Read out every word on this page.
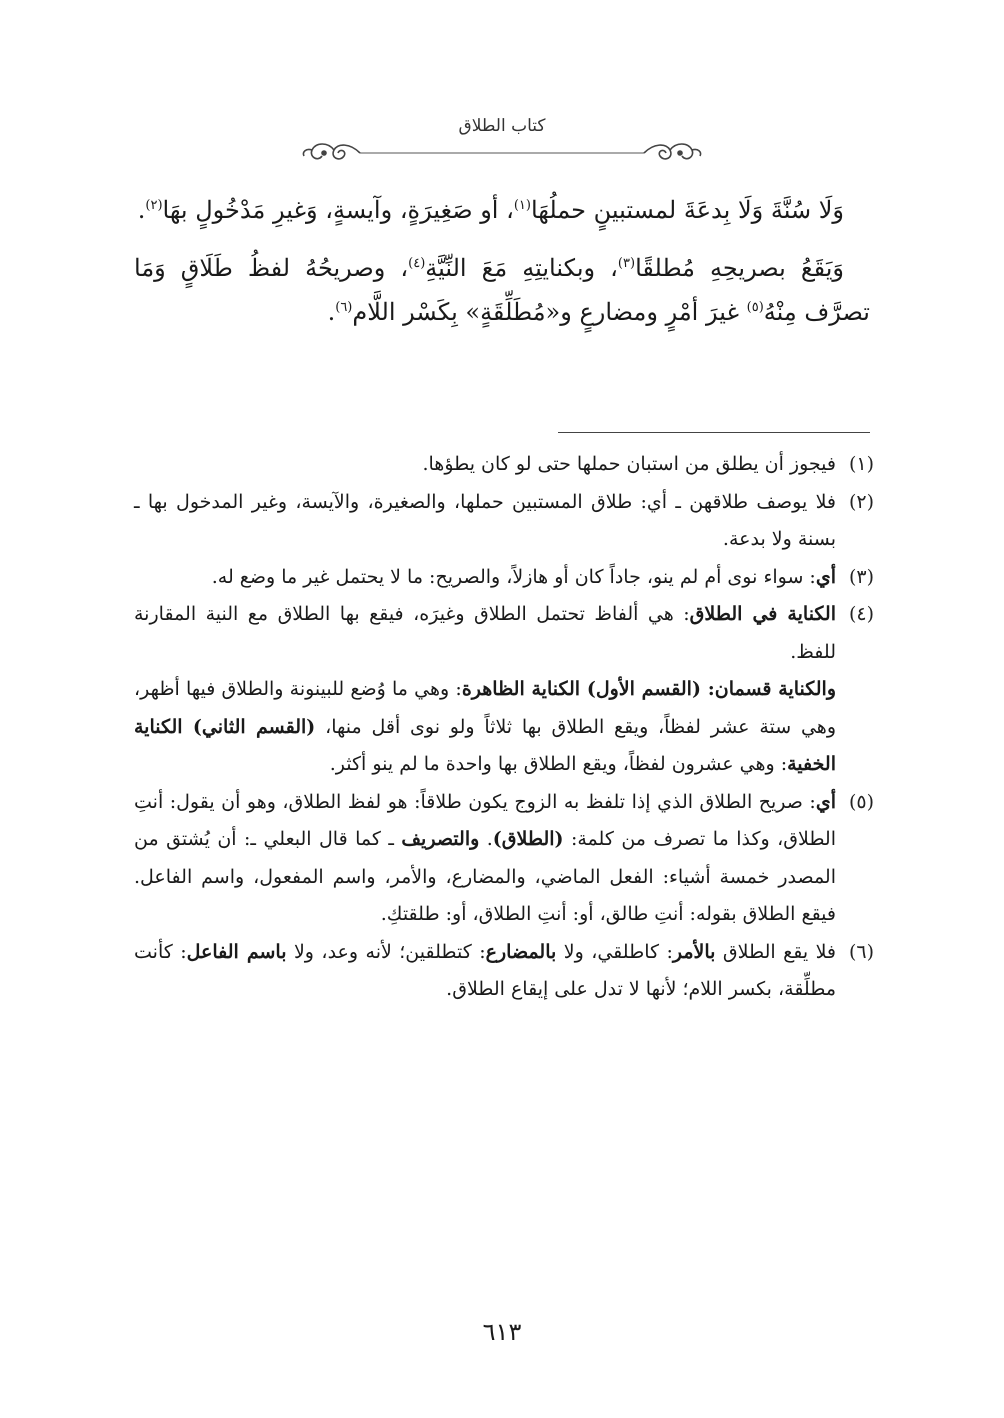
كتاب الطلاق

وَلَا سُنَّةَ وَلَا بِدعَةَ لمستبينٍ حملُهَا$^{(١)}$، أو صَغِيرَةٍ، وآيسةٍ، وَغيرِ مَدْخُولٍ بهَا$^{(٢)}$.

وَيَقَعُ بصريحِهِ مُطلقًا$^{(٣)}$، وبكنايتِهِ مَعَ النِّيَّةِ$^{(٤)}$، وصريحُهُ لفظُ طَلَاقٍ وَمَا تصرَّف مِنْهُ$^{(٥)}$ غيرَ أمْرٍ ومضارعٍ و«مُطَلِّقَةٍ» بِكَسْر اللَّام$^{(٦)}$.

(١)
فيجوز أن يطلق من استبان حملها حتى لو كان يطؤها.
(٢)
فلا يوصف طلاقهن ـ أي: طلاق المستبين حملها، والصغيرة، والآيسة، وغير المدخول بها ـ بسنة ولا بدعة.
(٣)
أي: سواء نوى أم لم ينو، جاداً كان أو هازلاً، والصريح: ما لا يحتمل غير ما وضع له.
(٤)
الكناية في الطلاق: هي ألفاظ تحتمل الطلاق وغيرَه، فيقع بها الطلاق مع النية المقارنة للفظ.
والكناية قسمان: (القسم الأول) الكناية الظاهرة: وهي ما وُضع للبينونة والطلاق فيها أظهر، وهي ستة عشر لفظاً، ويقع الطلاق بها ثلاثاً ولو نوى أقل منها، (القسم الثاني) الكناية الخفية: وهي عشرون لفظاً، ويقع الطلاق بها واحدة ما لم ينو أكثر.
(٥)
أي: صريح الطلاق الذي إذا تلفظ به الزوج يكون طلاقاً: هو لفظ الطلاق، وهو أن يقول: أنتِ الطلاق، وكذا ما تصرف من كلمة: (الطلاق). والتصريف ـ كما قال البعلي ـ: أن يُشتق من المصدر خمسة أشياء: الفعل الماضي، والمضارع، والأمر، واسم المفعول، واسم الفاعل. فيقع الطلاق بقوله: أنتِ طالق، أو: أنتِ الطلاق، أو: طلقتكِ.
(٦)
فلا يقع الطلاق بالأمر: كاطلقي، ولا بالمضارع: كتطلقين؛ لأنه وعد، ولا باسم الفاعل: كأنت مطلِّقة، بكسر اللام؛ لأنها لا تدل على إيقاع الطلاق.
٦١٣
